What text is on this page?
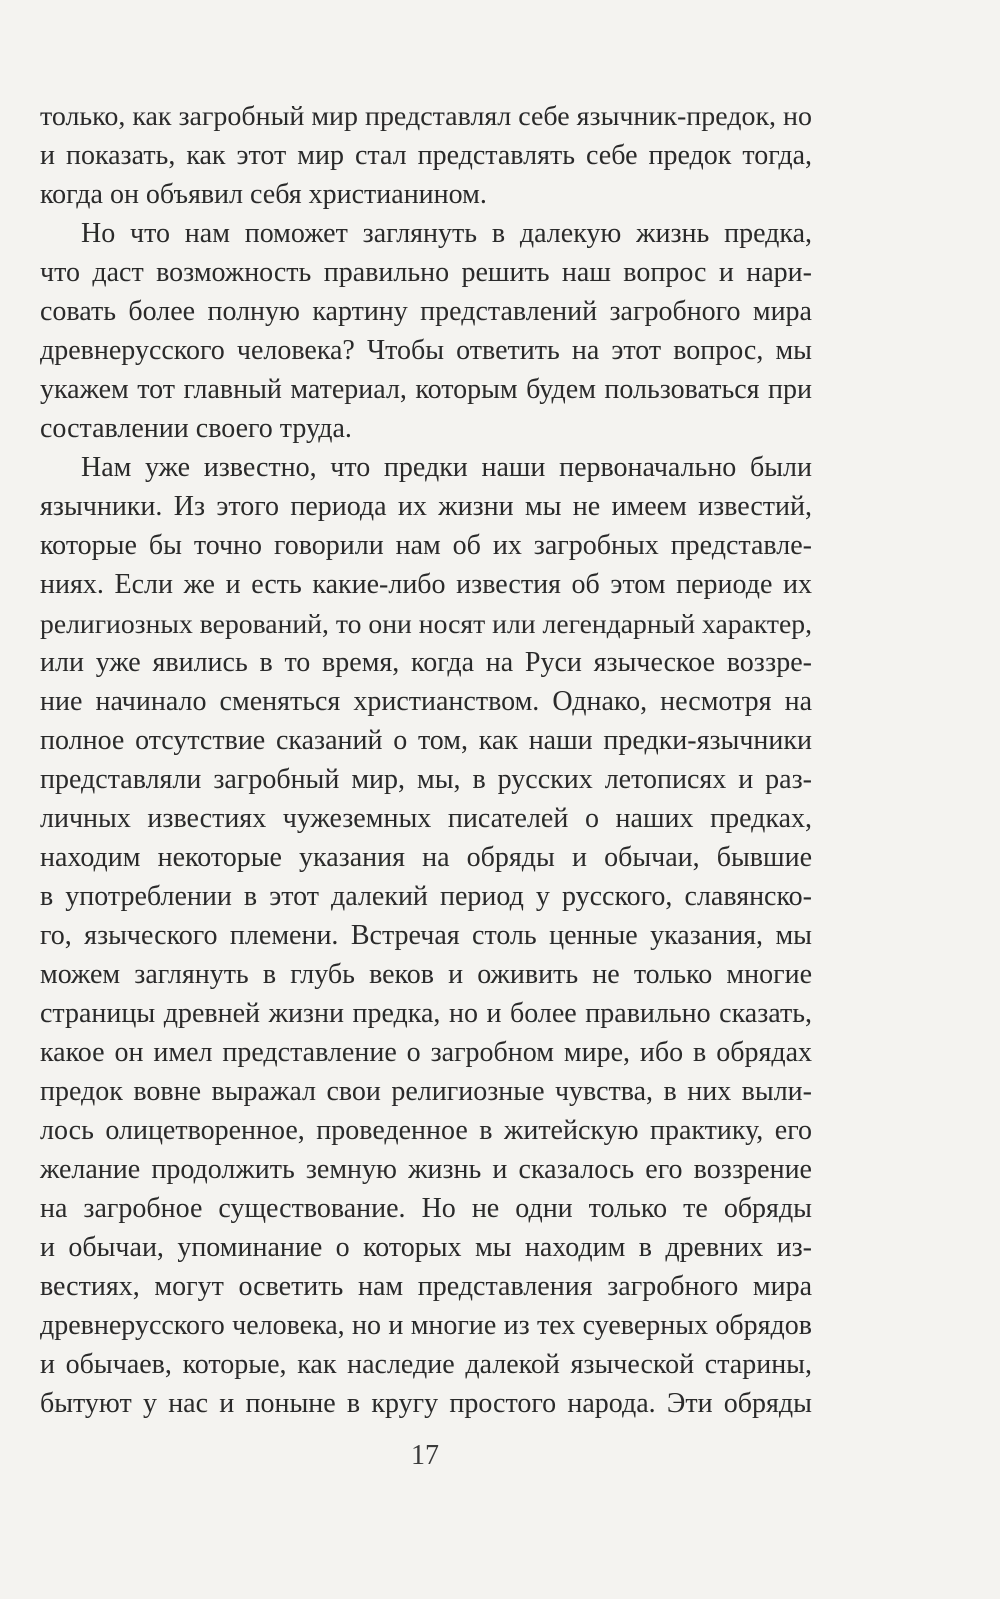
только, как загробный мир представлял себе язычник-предок, но
и показать, как этот мир стал представлять себе предок тогда,
когда он объявил себя христианином.
Но что нам поможет заглянуть в далекую жизнь предка,
что даст возможность правильно решить наш вопрос и нари-
совать более полную картину представлений загробного мира
древнерусского человека? Чтобы ответить на этот вопрос, мы
укажем тот главный материал, которым будем пользоваться при
составлении своего труда.
Нам уже известно, что предки наши первоначально были
язычники. Из этого периода их жизни мы не имеем известий,
которые бы точно говорили нам об их загробных представле-
ниях. Если же и есть какие-либо известия об этом периоде их
религиозных верований, то они носят или легендарный характер,
или уже явились в то время, когда на Руси языческое воззре-
ние начинало сменяться христианством. Однако, несмотря на
полное отсутствие сказаний о том, как наши предки-язычники
представляли загробный мир, мы, в русских летописях и раз-
личных известиях чужеземных писателей о наших предках,
находим некоторые указания на обряды и обычаи, бывшие
в употреблении в этот далекий период у русского, славянско-
го, языческого племени. Встречая столь ценные указания, мы
можем заглянуть в глубь веков и оживить не только многие
страницы древней жизни предка, но и более правильно сказать,
какое он имел представление о загробном мире, ибо в обрядах
предок вовне выражал свои религиозные чувства, в них выли-
лось олицетворенное, проведенное в житейскую практику, его
желание продолжить земную жизнь и сказалось его воззрение
на загробное существование. Но не одни только те обряды
и обычаи, упоминание о которых мы находим в древних из-
вестиях, могут осветить нам представления загробного мира
древнерусского человека, но и многие из тех суеверных обрядов
и обычаев, которые, как наследие далекой языческой старины,
бытуют у нас и поныне в кругу простого народа. Эти обряды
17
